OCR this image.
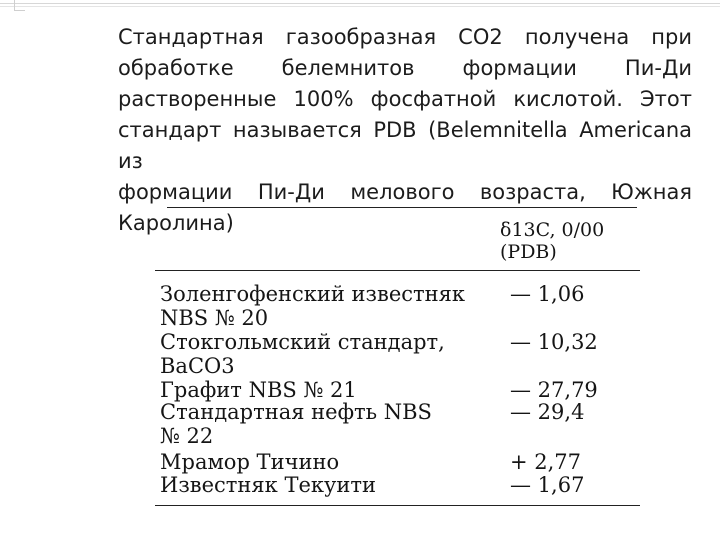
Стандартная газообразная CO2 получена при
обработке белемнитов формации Пи-Ди
растворенные 100% фосфатной кислотой. Этот
стандарт называется PDB (Belemnitella Americana из
формации Пи-Ди мелового возраста, Южная
Каролина)	δ13C, 0/00
(PDB)
Золенгофенский известняк — 1,06
NBS № 20
Стокгольмский стандарт,	— 10,32
BaCO3
Графит NBS № 21	— 27,79
Стандартная нефть NBS	— 29,4
№ 22
Мрамор Тичино	+ 2,77
Известняк Текуити	— 1,67
